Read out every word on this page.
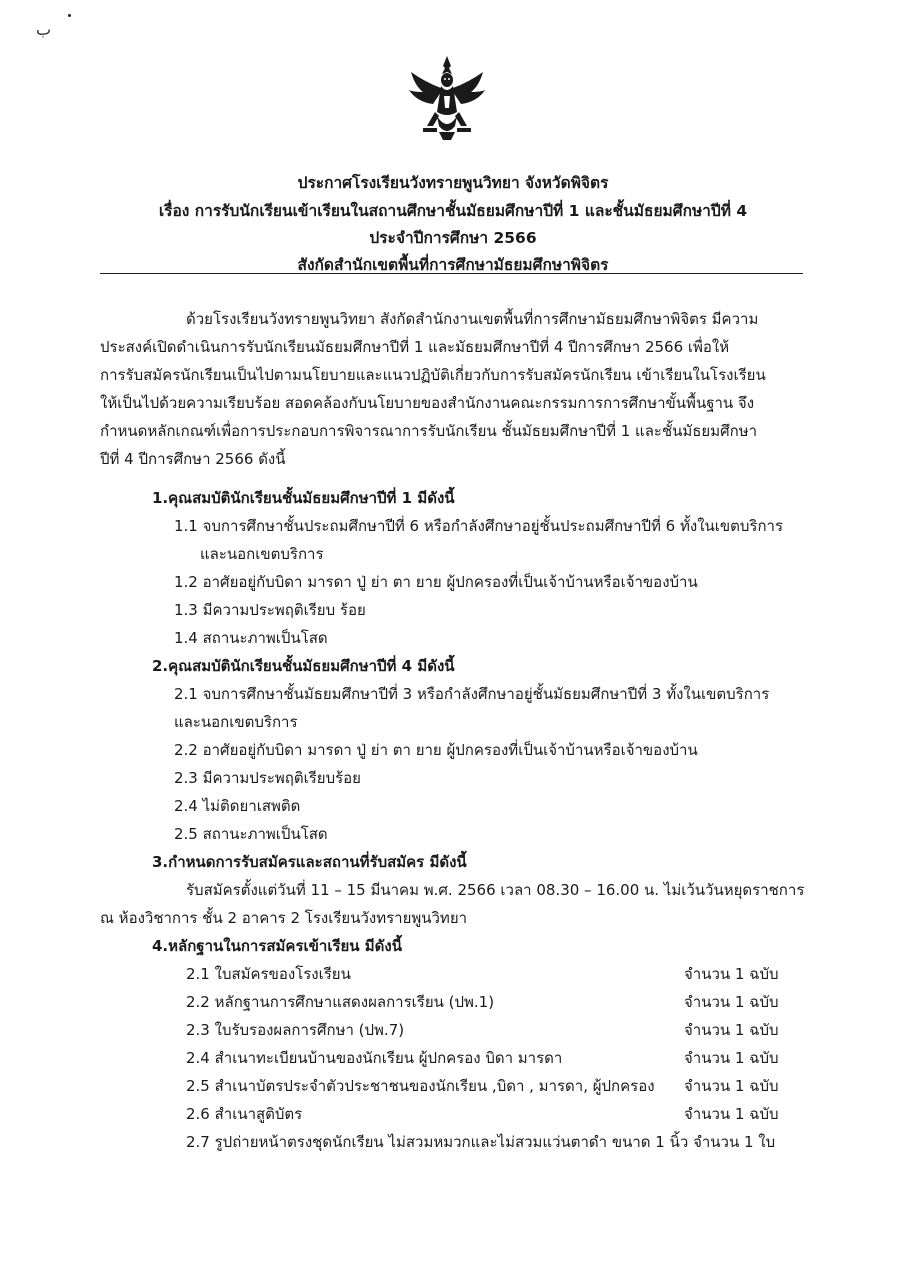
ب
ประกาศโรงเรียนวังทรายพูนวิทยา จังหวัดพิจิตร
เรื่อง การรับนักเรียนเข้าเรียนในสถานศึกษาชั้นมัธยมศึกษาปีที่ 1 และชั้นมัธยมศึกษาปีที่ 4
ประจำปีการศึกษา 2566
สังกัดสำนักเขตพื้นที่การศึกษามัธยมศึกษาพิจิตร
ด้วยโรงเรียนวังทรายพูนวิทยา สังกัดสำนักงานเขตพื้นที่การศึกษามัธยมศึกษาพิจิตร มีความ
ประสงค์เปิดดำเนินการรับนักเรียนมัธยมศึกษาปีที่ 1 และมัธยมศึกษาปีที่ 4 ปีการศึกษา 2566 เพื่อให้
การรับสมัครนักเรียนเป็นไปตามนโยบายและแนวปฏิบัติเกี่ยวกับการรับสมัครนักเรียน เข้าเรียนในโรงเรียน
ให้เป็นไปด้วยความเรียบร้อย สอดคล้องกับนโยบายของสำนักงานคณะกรรมการการศึกษาขั้นพื้นฐาน จึง
กำหนดหลักเกณฑ์เพื่อการประกอบการพิจารณาการรับนักเรียน ชั้นมัธยมศึกษาปีที่ 1 และชั้นมัธยมศึกษา
ปีที่ 4 ปีการศึกษา 2566 ดังนี้
1.คุณสมบัตินักเรียนชั้นมัธยมศึกษาปีที่ 1 มีดังนี้
1.1 จบการศึกษาชั้นประถมศึกษาปีที่ 6 หรือกำลังศึกษาอยู่ชั้นประถมศึกษาปีที่ 6 ทั้งในเขตบริการ
และนอกเขตบริการ
1.2 อาศัยอยู่กับบิดา มารดา ปู่ ย่า ตา ยาย ผู้ปกครองที่เป็นเจ้าบ้านหรือเจ้าของบ้าน
1.3 มีความประพฤติเรียบ ร้อย
1.4 สถานะภาพเป็นโสด
2.คุณสมบัตินักเรียนชั้นมัธยมศึกษาปีที่ 4 มีดังนี้
2.1 จบการศึกษาชั้นมัธยมศึกษาปีที่ 3 หรือกำลังศึกษาอยู่ชั้นมัธยมศึกษาปีที่ 3 ทั้งในเขตบริการ
และนอกเขตบริการ
2.2 อาศัยอยู่กับบิดา มารดา ปู่ ย่า ตา ยาย ผู้ปกครองที่เป็นเจ้าบ้านหรือเจ้าของบ้าน
2.3 มีความประพฤติเรียบร้อย
2.4 ไม่ติดยาเสพติด
2.5 สถานะภาพเป็นโสด
3.กำหนดการรับสมัครและสถานที่รับสมัคร มีดังนี้
รับสมัครตั้งแต่วันที่ 11 – 15 มีนาคม พ.ศ. 2566 เวลา 08.30 – 16.00 น. ไม่เว้นวันหยุดราชการ
ณ ห้องวิชาการ ชั้น 2 อาคาร 2 โรงเรียนวังทรายพูนวิทยา
4.หลักฐานในการสมัครเข้าเรียน มีดังนี้
2.1 ใบสมัครของโรงเรียน	จำนวน 1 ฉบับ
2.2 หลักฐานการศึกษาแสดงผลการเรียน (ปพ.1)	จำนวน 1 ฉบับ
2.3 ใบรับรองผลการศึกษา (ปพ.7)	จำนวน 1 ฉบับ
2.4 สำเนาทะเบียนบ้านของนักเรียน ผู้ปกครอง บิดา มารดา	จำนวน 1 ฉบับ
2.5 สำเนาบัตรประจำตัวประชาชนของนักเรียน ,บิดา , มารดา, ผู้ปกครอง จำนวน 1 ฉบับ
2.6 สำเนาสูติบัตร	จำนวน 1 ฉบับ
2.7 รูปถ่ายหน้าตรงชุดนักเรียน ไม่สวมหมวกและไม่สวมแว่นตาดำ ขนาด 1 นิ้ว จำนวน 1 ใบ
